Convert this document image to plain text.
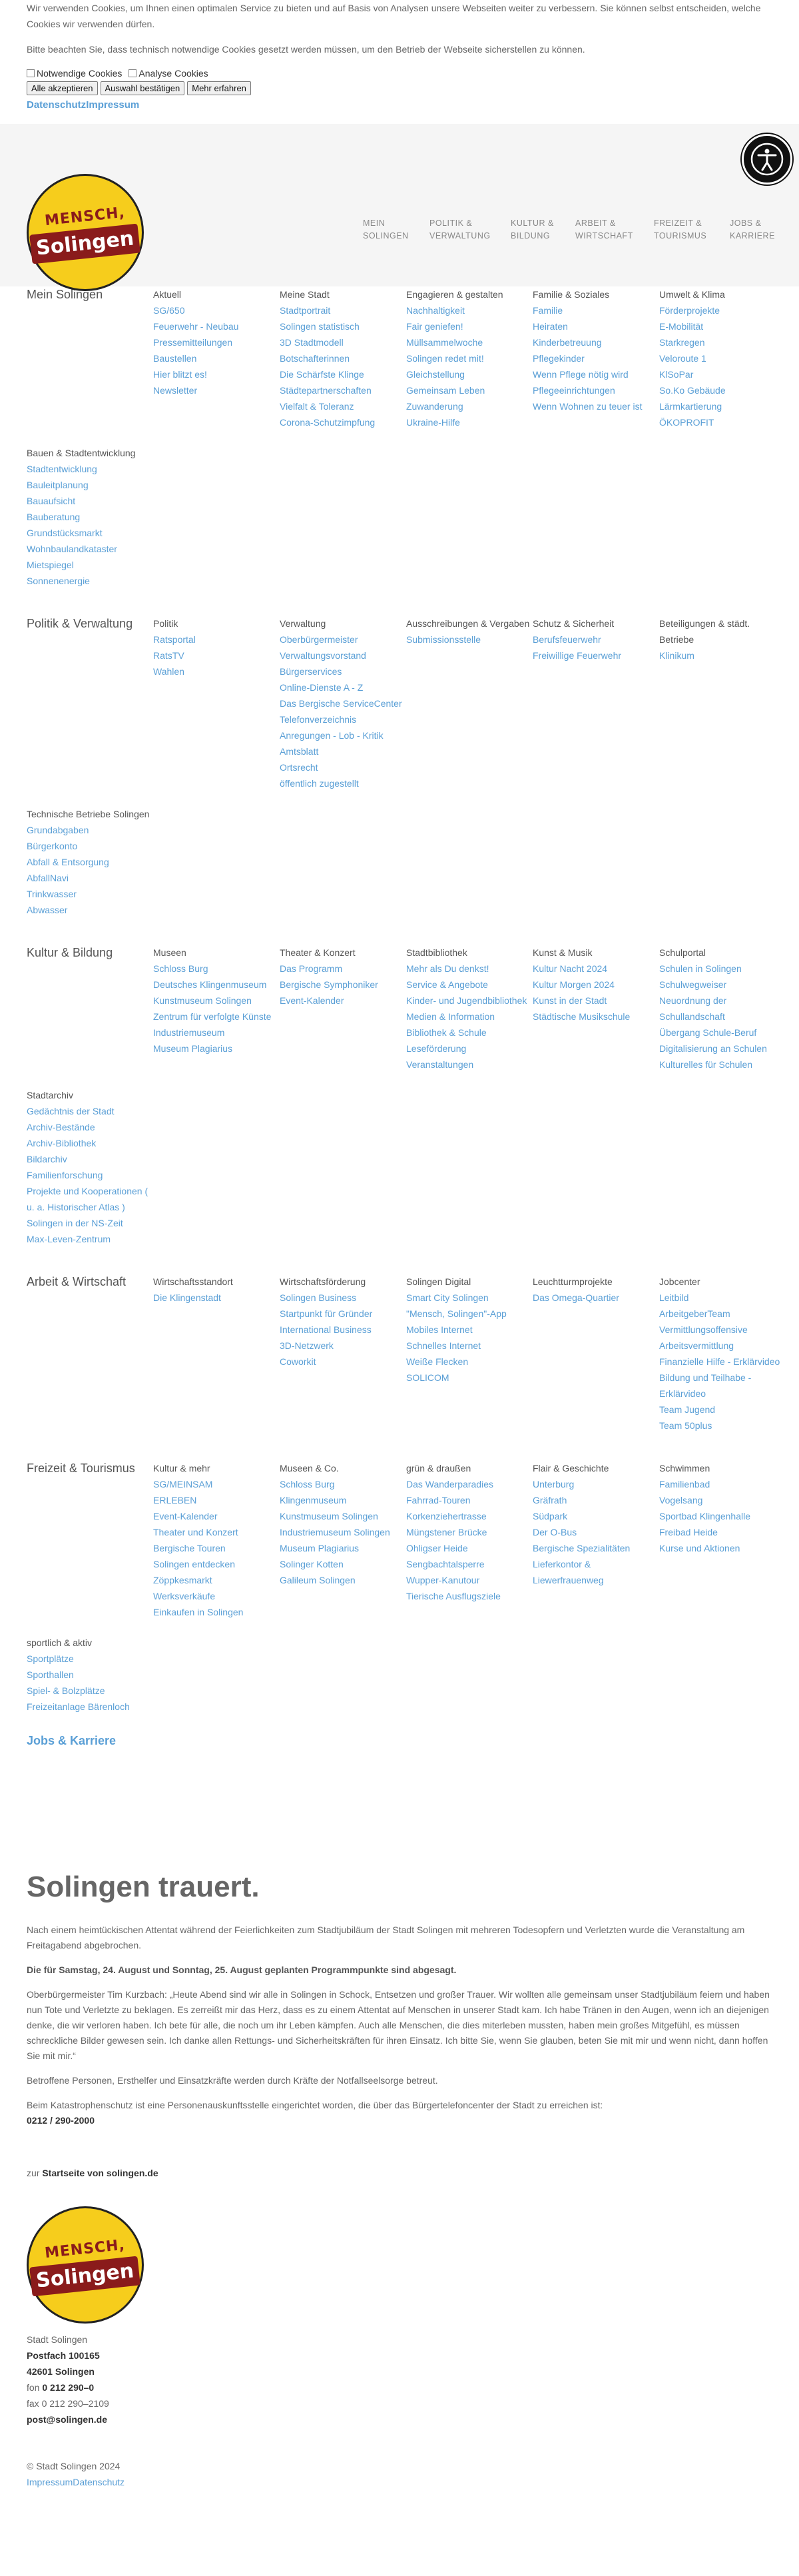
Wir verwenden Cookies, um Ihnen einen optimalen Service zu bieten und auf Basis von Analysen unsere Webseiten weiter zu verbessern. Sie können selbst entscheiden, welche Cookies wir verwenden dürfen.

Bitte beachten Sie, dass technisch notwendige Cookies gesetzt werden müssen, um den Betrieb der Webseite sicherstellen zu können.

Notwendige Cookies Analyse Cookies
Alle akzeptieren	Auswahl bestätigen	Mehr erfahren
DatenschutzImpressum
MENSCH,
Solingen
MEIN
SOLINGEN
POLITIK &
VERWALTUNG
KULTUR &
BILDUNG
ARBEIT &
WIRTSCHAFT
FREIZEIT &
TOURISMUS
JOBS &
KARRIERE
Mein Solingen	Aktuell
SG/650
Feuerwehr - Neubau
Pressemitteilungen
Baustellen
Hier blitzt es!
Newsletter
Meine Stadt
Stadtportrait
Solingen statistisch
3D Stadtmodell
Botschafterinnen
Die Schärfste Klinge
Städtepartnerschaften
Vielfalt & Toleranz
Corona-Schutzimpfung
Engagieren & gestalten
Nachhaltigkeit
Fair geniefen!
Müllsammelwoche
Solingen redet mit!
Gleichstellung
Gemeinsam Leben
Zuwanderung
Ukraine-Hilfe
Familie & Soziales
Familie
Heiraten
Kinderbetreuung
Pflegekinder
Wenn Pflege nötig wird
Pflegeeinrichtungen
Wenn Wohnen zu teuer ist
Umwelt & Klima
Förderprojekte
E-Mobilität
Starkregen
Veloroute 1
KlSoPar
So.Ko Gebäude
Lärmkartierung
ÖKOPROFIT
Bauen & Stadtentwicklung
Stadtentwicklung
Bauleitplanung
Bauaufsicht
Bauberatung
Grundstücksmarkt
Wohnbaulandkataster
Mietspiegel
Sonnenenergie
Politik & Verwaltung	Politik
Ratsportal
RatsTV
Wahlen
Verwaltung
Oberbürgermeister
Verwaltungsvorstand
Bürgerservices
Online-Dienste A - Z
Das Bergische ServiceCenter
Telefonverzeichnis
Anregungen - Lob - Kritik
Amtsblatt
Ortsrecht
öffentlich zugestellt
Ausschreibungen & Vergaben
Submissionsstelle
Schutz & Sicherheit
Berufsfeuerwehr
Freiwillige Feuerwehr
Beteiligungen & städt. Betriebe
Klinikum
Technische Betriebe Solingen
Grundabgaben
Bürgerkonto
Abfall & Entsorgung
AbfallNavi
Trinkwasser
Abwasser
Kultur & Bildung	Museen
Schloss Burg
Deutsches Klingenmuseum
Kunstmuseum Solingen
Zentrum für verfolgte Künste
Industriemuseum
Museum Plagiarius
Theater & Konzert
Das Programm
Bergische Symphoniker
Event-Kalender
Stadtbibliothek
Mehr als Du denkst!
Service & Angebote
Kinder- und Jugendbibliothek
Medien & Information
Bibliothek & Schule
Leseförderung
Veranstaltungen
Kunst & Musik
Kultur Nacht 2024
Kultur Morgen 2024
Kunst in der Stadt
Städtische Musikschule
Schulportal
Schulen in Solingen
Schulwegweiser
Neuordnung der Schullandschaft
Übergang Schule-Beruf
Digitalisierung an Schulen
Kulturelles für Schulen
Stadtarchiv
Gedächtnis der Stadt
Archiv-Bestände
Archiv-Bibliothek
Bildarchiv
Familienforschung
Projekte und Kooperationen ( u. a. Historischer Atlas )
Solingen in der NS-Zeit
Max-Leven-Zentrum
Arbeit & Wirtschaft	Wirtschaftsstandort
Die Klingenstadt
Wirtschaftsförderung
Solingen Business
Startpunkt für Gründer
International Business
3D-Netzwerk
Coworkit
Solingen Digital
Smart City Solingen
"Mensch, Solingen"-App
Mobiles Internet
Schnelles Internet
Weiße Flecken
SOLICOM
Leuchtturmprojekte
Das Omega-Quartier
Jobcenter
Leitbild
ArbeitgeberTeam
Vermittlungsoffensive
Arbeitsvermittlung
Finanzielle Hilfe - Erklärvideo
Bildung und Teilhabe - Erklärvideo
Team Jugend
Team 50plus
Freizeit & Tourismus	Kultur & mehr
SG/MEINSAM
ERLEBEN
Event-Kalender
Theater und Konzert
Bergische Touren
Solingen entdecken
Zöppkesmarkt
Werksverkäufe
Einkaufen in Solingen
Museen & Co.
Schloss Burg
Klingenmuseum
Kunstmuseum Solingen
Industriemuseum Solingen
Museum Plagiarius
Solinger Kotten
Galileum Solingen
grün & draußen
Das Wanderparadies
Fahrrad-Touren
Korkenziehertrasse
Müngstener Brücke
Ohligser Heide
Sengbachtalsperre
Wupper-Kanutour
Tierische Ausflugsziele
Flair & Geschichte
Unterburg
Gräfrath
Südpark
Der O-Bus
Bergische Spezialitäten
Lieferkontor & Liewerfrauenweg
Schwimmen
Familienbad
Vogelsang
Sportbad Klingenhalle
Freibad Heide
Kurse und Aktionen
sportlich & aktiv
Sportplätze
Sporthallen
Spiel- & Bolzplätze
Freizeitanlage Bärenloch
Jobs & Karriere
Solingen trauert.

Nach einem heimtückischen Attentat während der Feierlichkeiten zum Stadtjubiläum der Stadt Solingen mit mehreren Todesopfern und Verletzten wurde die Veranstaltung am Freitagabend abgebrochen.

Die für Samstag, 24. August und Sonntag, 25. August geplanten Programmpunkte sind abgesagt.

Oberbürgermeister Tim Kurzbach: „Heute Abend sind wir alle in Solingen in Schock, Entsetzen und großer Trauer. Wir wollten alle gemeinsam unser Stadtjubiläum feiern und haben nun Tote und Verletzte zu beklagen. Es zerreißt mir das Herz, dass es zu einem Attentat auf Menschen in unserer Stadt kam. Ich habe Tränen in den Augen, wenn ich an diejenigen denke, die wir verloren haben. Ich bete für alle, die noch um ihr Leben kämpfen. Auch alle Menschen, die dies miterleben mussten, haben mein großes Mitgefühl, es müssen schreckliche Bilder gewesen sein. Ich danke allen Rettungs- und Sicherheitskräften für ihren Einsatz. Ich bitte Sie, wenn Sie glauben, beten Sie mit mir und wenn nicht, dann hoffen Sie mit mir.“

Betroffene Personen, Ersthelfer und Einsatzkräfte werden durch Kräfte der Notfallseelsorge betreut.

Beim Katastrophenschutz ist eine Personenauskunftsstelle eingerichtet worden, die über das Bürgertelefoncenter der Stadt zu erreichen ist:

0212 / 290-2000

zur Startseite von solingen.de

MENSCH,
Solingen
Stadt Solingen
Postfach 100165
42601 Solingen
fon 0 212 290–0
fax 0 212 290–2109
post@solingen.de
© Stadt Solingen 2024
ImpressumDatenschutz
